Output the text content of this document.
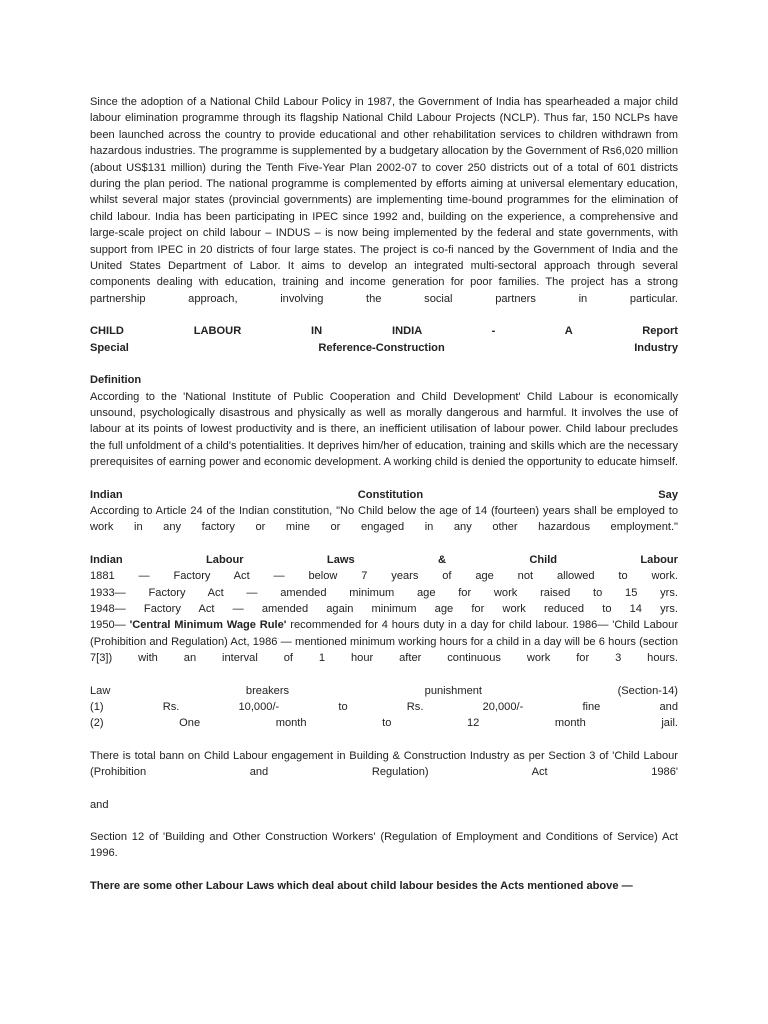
Since the adoption of a National Child Labour Policy in 1987, the Government of India has spearheaded a major child labour elimination programme through its flagship National Child Labour Projects (NCLP). Thus far, 150 NCLPs have been launched across the country to provide educational and other rehabilitation services to children withdrawn from hazardous industries. The programme is supplemented by a budgetary allocation by the Government of Rs6,020 million (about US$131 million) during the Tenth Five-Year Plan 2002-07 to cover 250 districts out of a total of 601 districts during the plan period. The national programme is complemented by efforts aiming at universal elementary education, whilst several major states (provincial governments) are implementing time-bound programmes for the elimination of child labour. India has been participating in IPEC since 1992 and, building on the experience, a comprehensive and large-scale project on child labour – INDUS – is now being implemented by the federal and state governments, with support from IPEC in 20 districts of four large states. The project is co-fi nanced by the Government of India and the United States Department of Labor. It aims to develop an integrated multi-sectoral approach through several components dealing with education, training and income generation for poor families. The project has a strong partnership approach, involving the social partners in particular.

CHILD LABOUR IN INDIA - A Report

Special Reference-Construction Industry

Definition

According to the 'National Institute of Public Cooperation and Child Development' Child Labour is economically unsound, psychologically disastrous and physically as well as morally dangerous and harmful. It involves the use of labour at its points of lowest productivity and is there, an inefficient utilisation of labour power. Child labour precludes the full unfoldment of a child's potentialities. It deprives him/her of education, training and skills which are the necessary prerequisites of earning power and economic development. A working child is denied the opportunity to educate himself.

Indian Constitution Say

According to Article 24 of the Indian constitution, "No Child below the age of 14 (fourteen) years shall be employed to work in any factory or mine or engaged in any other hazardous employment."

Indian Labour Laws & Child Labour

1881 — Factory Act — below 7 years of age not allowed to work.

1933— Factory Act — amended minimum age for work raised to 15 yrs.

1948— Factory Act — amended again minimum age for work reduced to 14 yrs.

1950— 'Central Minimum Wage Rule' recommended for 4 hours duty in a day for child labour. 1986— 'Child Labour (Prohibition and Regulation) Act, 1986 — mentioned minimum working hours for a child in a day will be 6 hours (section 7[3]) with an interval of 1 hour after continuous work for 3 hours.

Law breakers punishment (Section-14)

(1) Rs. 10,000/- to Rs. 20,000/- fine and

(2) One month to 12 month jail.

There is total bann on Child Labour engagement in Building & Construction Industry as per Section 3 of 'Child Labour (Prohibition and Regulation) Act 1986'

and

Section 12 of 'Building and Other Construction Workers' (Regulation of Employment and Conditions of Service) Act 1996.

There are some other Labour Laws which deal about child labour besides the Acts mentioned above —
